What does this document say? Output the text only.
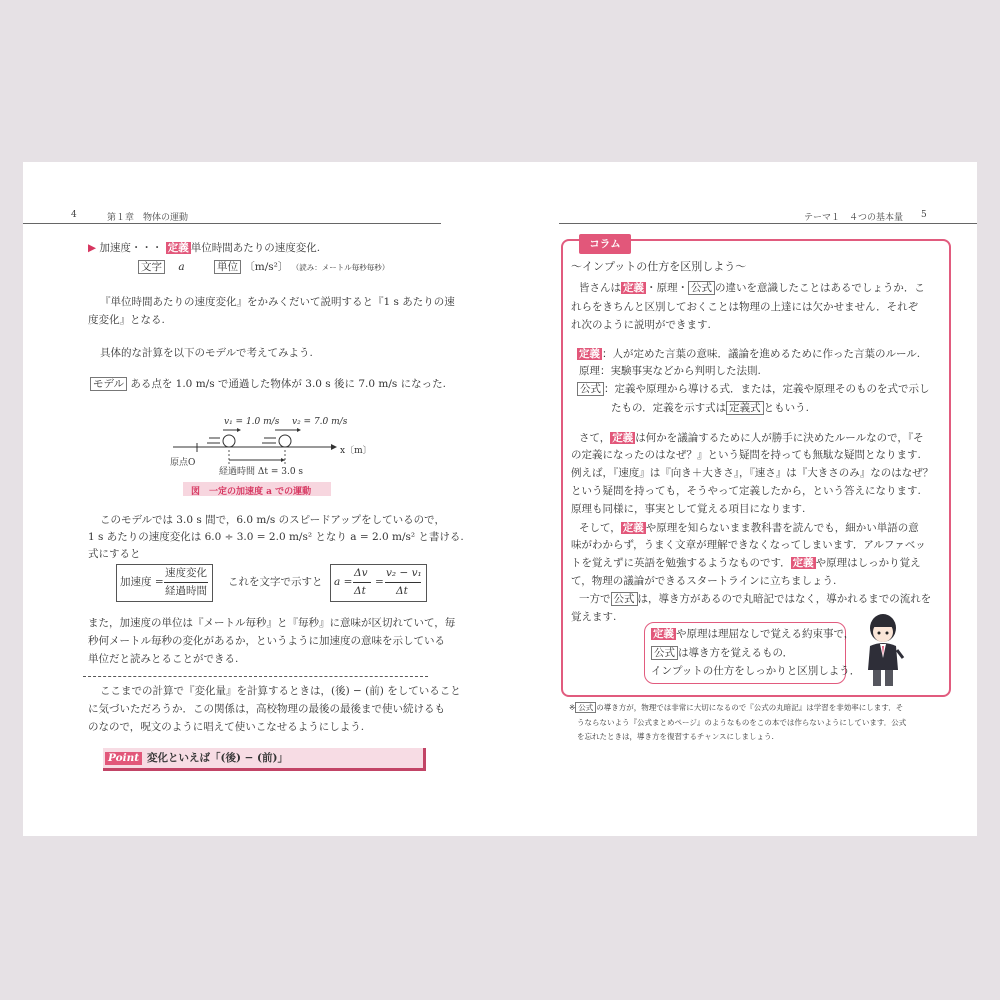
4	第１章　物体の運動
▶ 加速度・・・ 定義 単位時間あたりの速度変化.
文字 a	単位 〔m/s²〕 （読み：メートル毎秒毎秒）
『単位時間あたりの速度変化』をかみくだいて説明すると『1 s あたりの速
度変化』となる.
具体的な計算を以下のモデルで考えてみよう.
モデル ある点を 1.0 m/s で通過した物体が 3.0 s 後に 7.0 m/s になった.
v₁ = 1.0 m/s v₂ = 7.0 m/s
x〔m〕
原点O
経過時間 Δt = 3.0 s
図　一定の加速度 a での運動
このモデルでは 3.0 s 間で，6.0 m/s のスピードアップをしているので，
1 s あたりの速度変化は 6.0 ÷ 3.0 = 2.0 m/s² となり a = 2.0 m/s² と書ける.
式にすると
加速度 =
速度変化
経過時間
これを文字で示すと a =
Δv
Δt
=
v₂ − v₁
Δt
また，加速度の単位は『メートル毎秒』と『毎秒』に意味が区切れていて，毎
秒何メートル毎秒の変化があるか，というように加速度の意味を示している
単位だと読みとることができる.
ここまでの計算で『変化量』を計算するときは，(後) − (前) をしていること
に気づいただろうか．この関係は，高校物理の最後の最後まで使い続けるも
のなので，呪文のように唱えて使いこなせるようにしよう.
Point 変化といえば「(後) − (前)」
テーマ１　４つの基本量 5
コラム
～インプットの仕方を区別しよう～
皆さんは 定義 ・原理・ 公式 の違いを意識したことはあるでしょうか．こ
れらをきちんと区別しておくことは物理の上達には欠かせません．それぞ
れ次のように説明ができます.
定義 ：人が定めた言葉の意味．議論を進めるために作った言葉のルール.
原理：実験事実などから判明した法則.
公式 ：定義や原理から導ける式．または，定義や原理そのものを式で示し
たもの．定義を示す式は 定義式 ともいう.
さて， 定義 は何かを議論するために人が勝手に決めたルールなので，『そ
の定義になったのはなぜ？』という疑問を持っても無駄な疑問となります.
例えば，『速度』は『向き＋大きさ』，『速さ』は『大きさのみ』なのはなぜ？
という疑問を持っても，そうやって定義したから，という答えになります.
原理も同様に，事実として覚える項目になります.
そして， 定義 や原理を知らないまま教科書を読んでも，細かい単語の意
味がわからず，うまく文章が理解できなくなってしまいます．アルファベッ
トを覚えずに英語を勉強するようなものです． 定義 や原理はしっかり覚え
て，物理の議論ができるスタートラインに立ちましょう.
一方で 公式 は，導き方があるので丸暗記ではなく，導かれるまでの流れを
覚えます.
定義 や原理は理屈なしで覚える約束事で，
公式 は導き方を覚えるもの．
インプットの仕方をしっかりと区別しよう．
※ 公式 の導き方が，物理では非常に大切になるので『公式の丸暗記』は学習を非効率にします．そ
うならないよう『公式まとめページ』のようなものをこの本では作らないようにしています．公式
を忘れたときは，導き方を復習するチャンスにしましょう.
